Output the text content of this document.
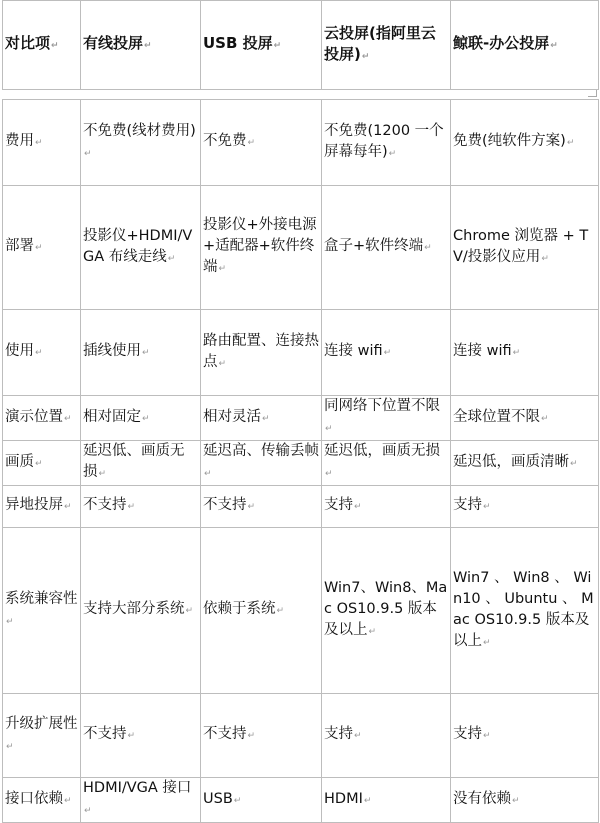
对比项↵	有线投屏↵	USB 投屏↵	云投屏(指阿里云投屏)↵	鲸联-办公投屏↵
费用↵	不免费(线材费用)↵	不免费↵	不免费(1200 一个屏幕每年)↵	免费(纯软件方案)↵
部署↵	投影仪+HDMI/VGA 布线走线↵	投影仪+外接电源+适配器+软件终端↵	盒子+软件终端↵	Chrome 浏览器 + TV/投影仪应用↵
使用↵	插线使用↵	路由配置、连接热点↵	连接 wifi↵	连接 wifi↵
演示位置↵	相对固定↵	相对灵活↵	同网络下位置不限↵	全球位置不限↵
画质↵	延迟低、画质无损↵	延迟高、传输丢帧↵	延迟低，画质无损↵	延迟低，画质清晰↵
异地投屏↵	不支持↵	不支持↵	支持↵	支持↵
系统兼容性↵	支持大部分系统↵	依赖于系统↵	Win7、Win8、Mac OS10.9.5 版本及以上↵	Win7 、 Win8 、 Win10 、 Ubuntu 、 Mac OS10.9.5 版本及以上↵
升级扩展性↵	不支持↵	不支持↵	支持↵	支持↵
接口依赖↵	HDMI/VGA 接口↵	USB↵	HDMI↵	没有依赖↵
